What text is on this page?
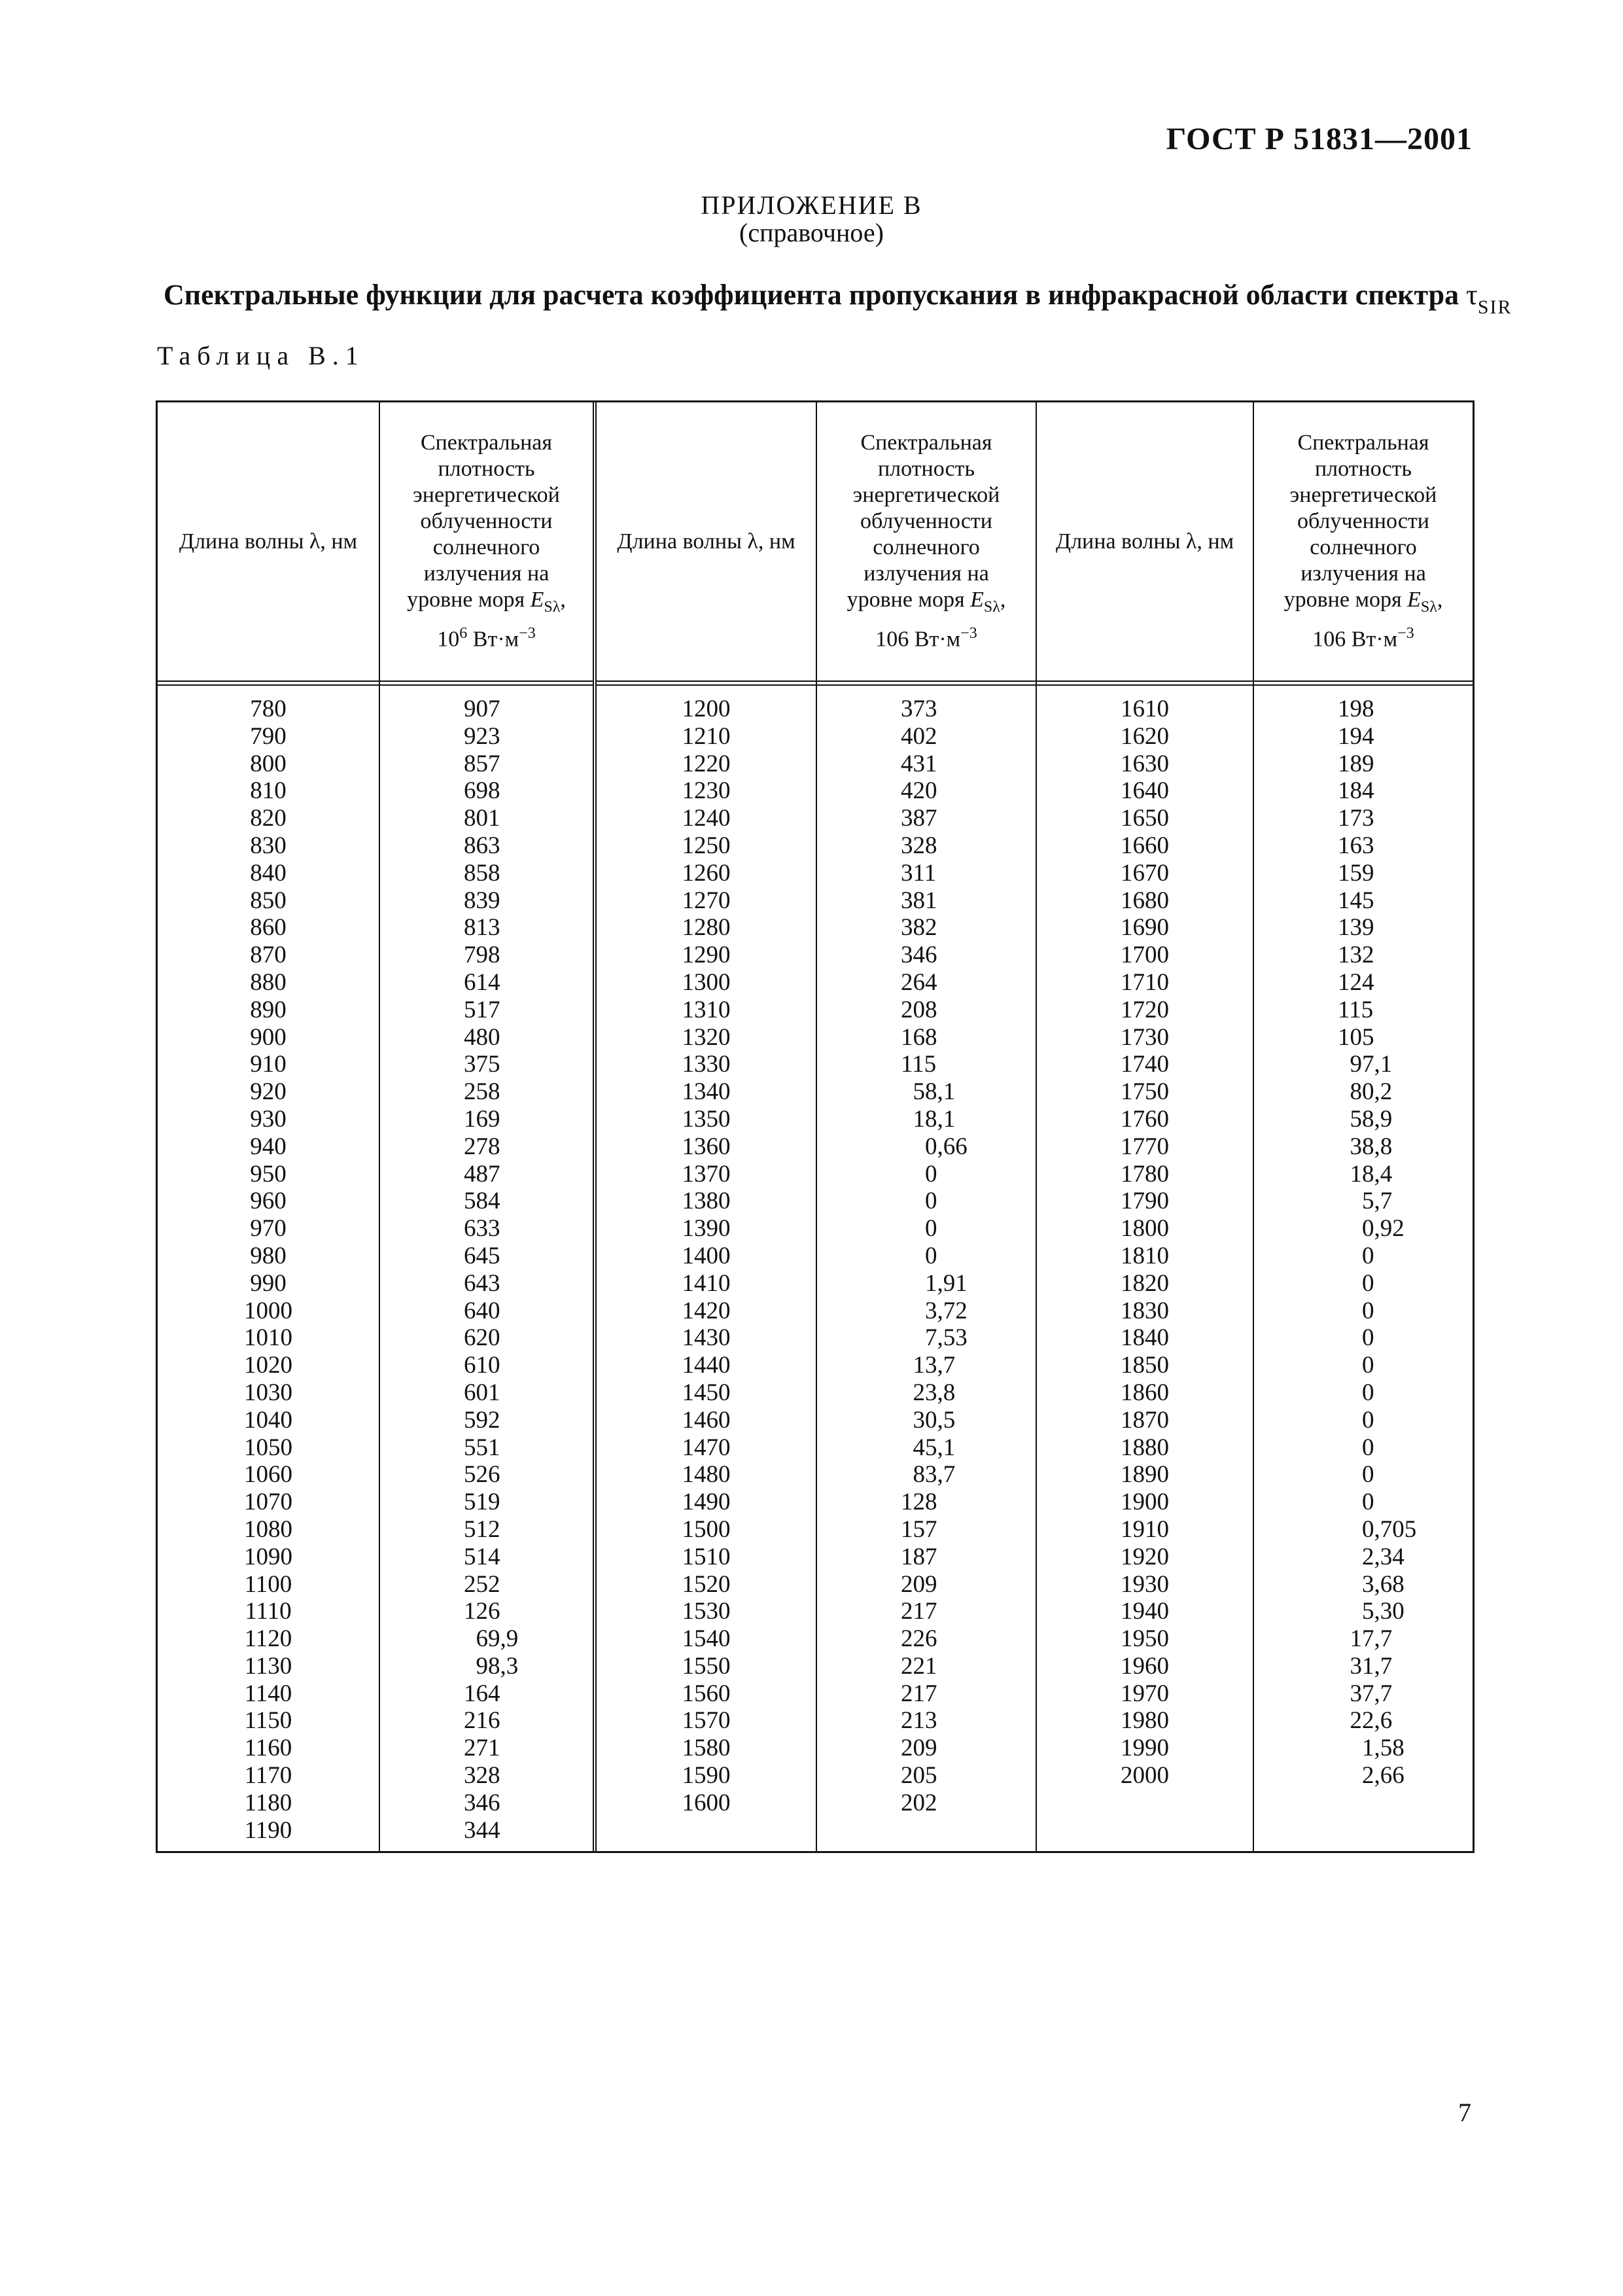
ГОСТ Р 51831—2001
ПРИЛОЖЕНИЕ В
(справочное)
Спектральные функции для расчета коэффициента пропускания в инфракрасной области спектра $\tau_{SIR}$
Таблица В.1
Длина волны λ, нм
780
790
800
810
820
830
840
850
860
870
880
890
900
910
920
930
940
950
960
970
980
990
1000
1010
1020
1030
1040
1050
1060
1070
1080
1090
1100
1110
1120
1130
1140
1150
1160
1170
1180
1190
Спектральная
плотность
энергетической
облученности
солнечного
излучения на
уровне моря $E_{S\lambda}$,
$10^6$ $Вт\cdot м^{-3}$
907
923
857
698
801
863
858
839
813
798
614
517
480
375
258
169
278
487
584
633
645
643
640
620
610
601
592
551
526
519
512
514
252
126
 69,9
 98,3
164
216
271
328
346
344
Длина волны λ, нм
1200
1210
1220
1230
1240
1250
1260
1270
1280
1290
1300
1310
1320
1330
1340
1350
1360
1370
1380
1390
1400
1410
1420
1430
1440
1450
1460
1470
1480
1490
1500
1510
1520
1530
1540
1550
1560
1570
1580
1590
1600
Спектральная
плотность
энергетической
облученности
солнечного
излучения на
уровне моря $E_{S\lambda}$,
106 $Вт\cdot м^{-3}$
373
402
431
420
387
328
311
381
382
346
264
208
168
115
 58,1
 18,1
  0,66
  0
  0
  0
  0
  1,91
  3,72
  7,53
 13,7
 23,8
 30,5
 45,1
 83,7
128
157
187
209
217
226
221
217
213
209
205
202
Длина волны λ, нм
1610
1620
1630
1640
1650
1660
1670
1680
1690
1700
1710
1720
1730
1740
1750
1760
1770
1780
1790
1800
1810
1820
1830
1840
1850
1860
1870
1880
1890
1900
1910
1920
1930
1940
1950
1960
1970
1980
1990
2000
Спектральная
плотность
энергетической
облученности
солнечного
излучения на
уровне моря $E_{S\lambda}$,
106 $Вт\cdot м^{-3}$
198
194
189
184
173
163
159
145
139
132
124
115
105
 97,1
 80,2
 58,9
 38,8
 18,4
  5,7
  0,92
  0
  0
  0
  0
  0
  0
  0
  0
  0
  0
  0,705
  2,34
  3,68
  5,30
 17,7
 31,7
 37,7
 22,6
  1,58
  2,66
7
